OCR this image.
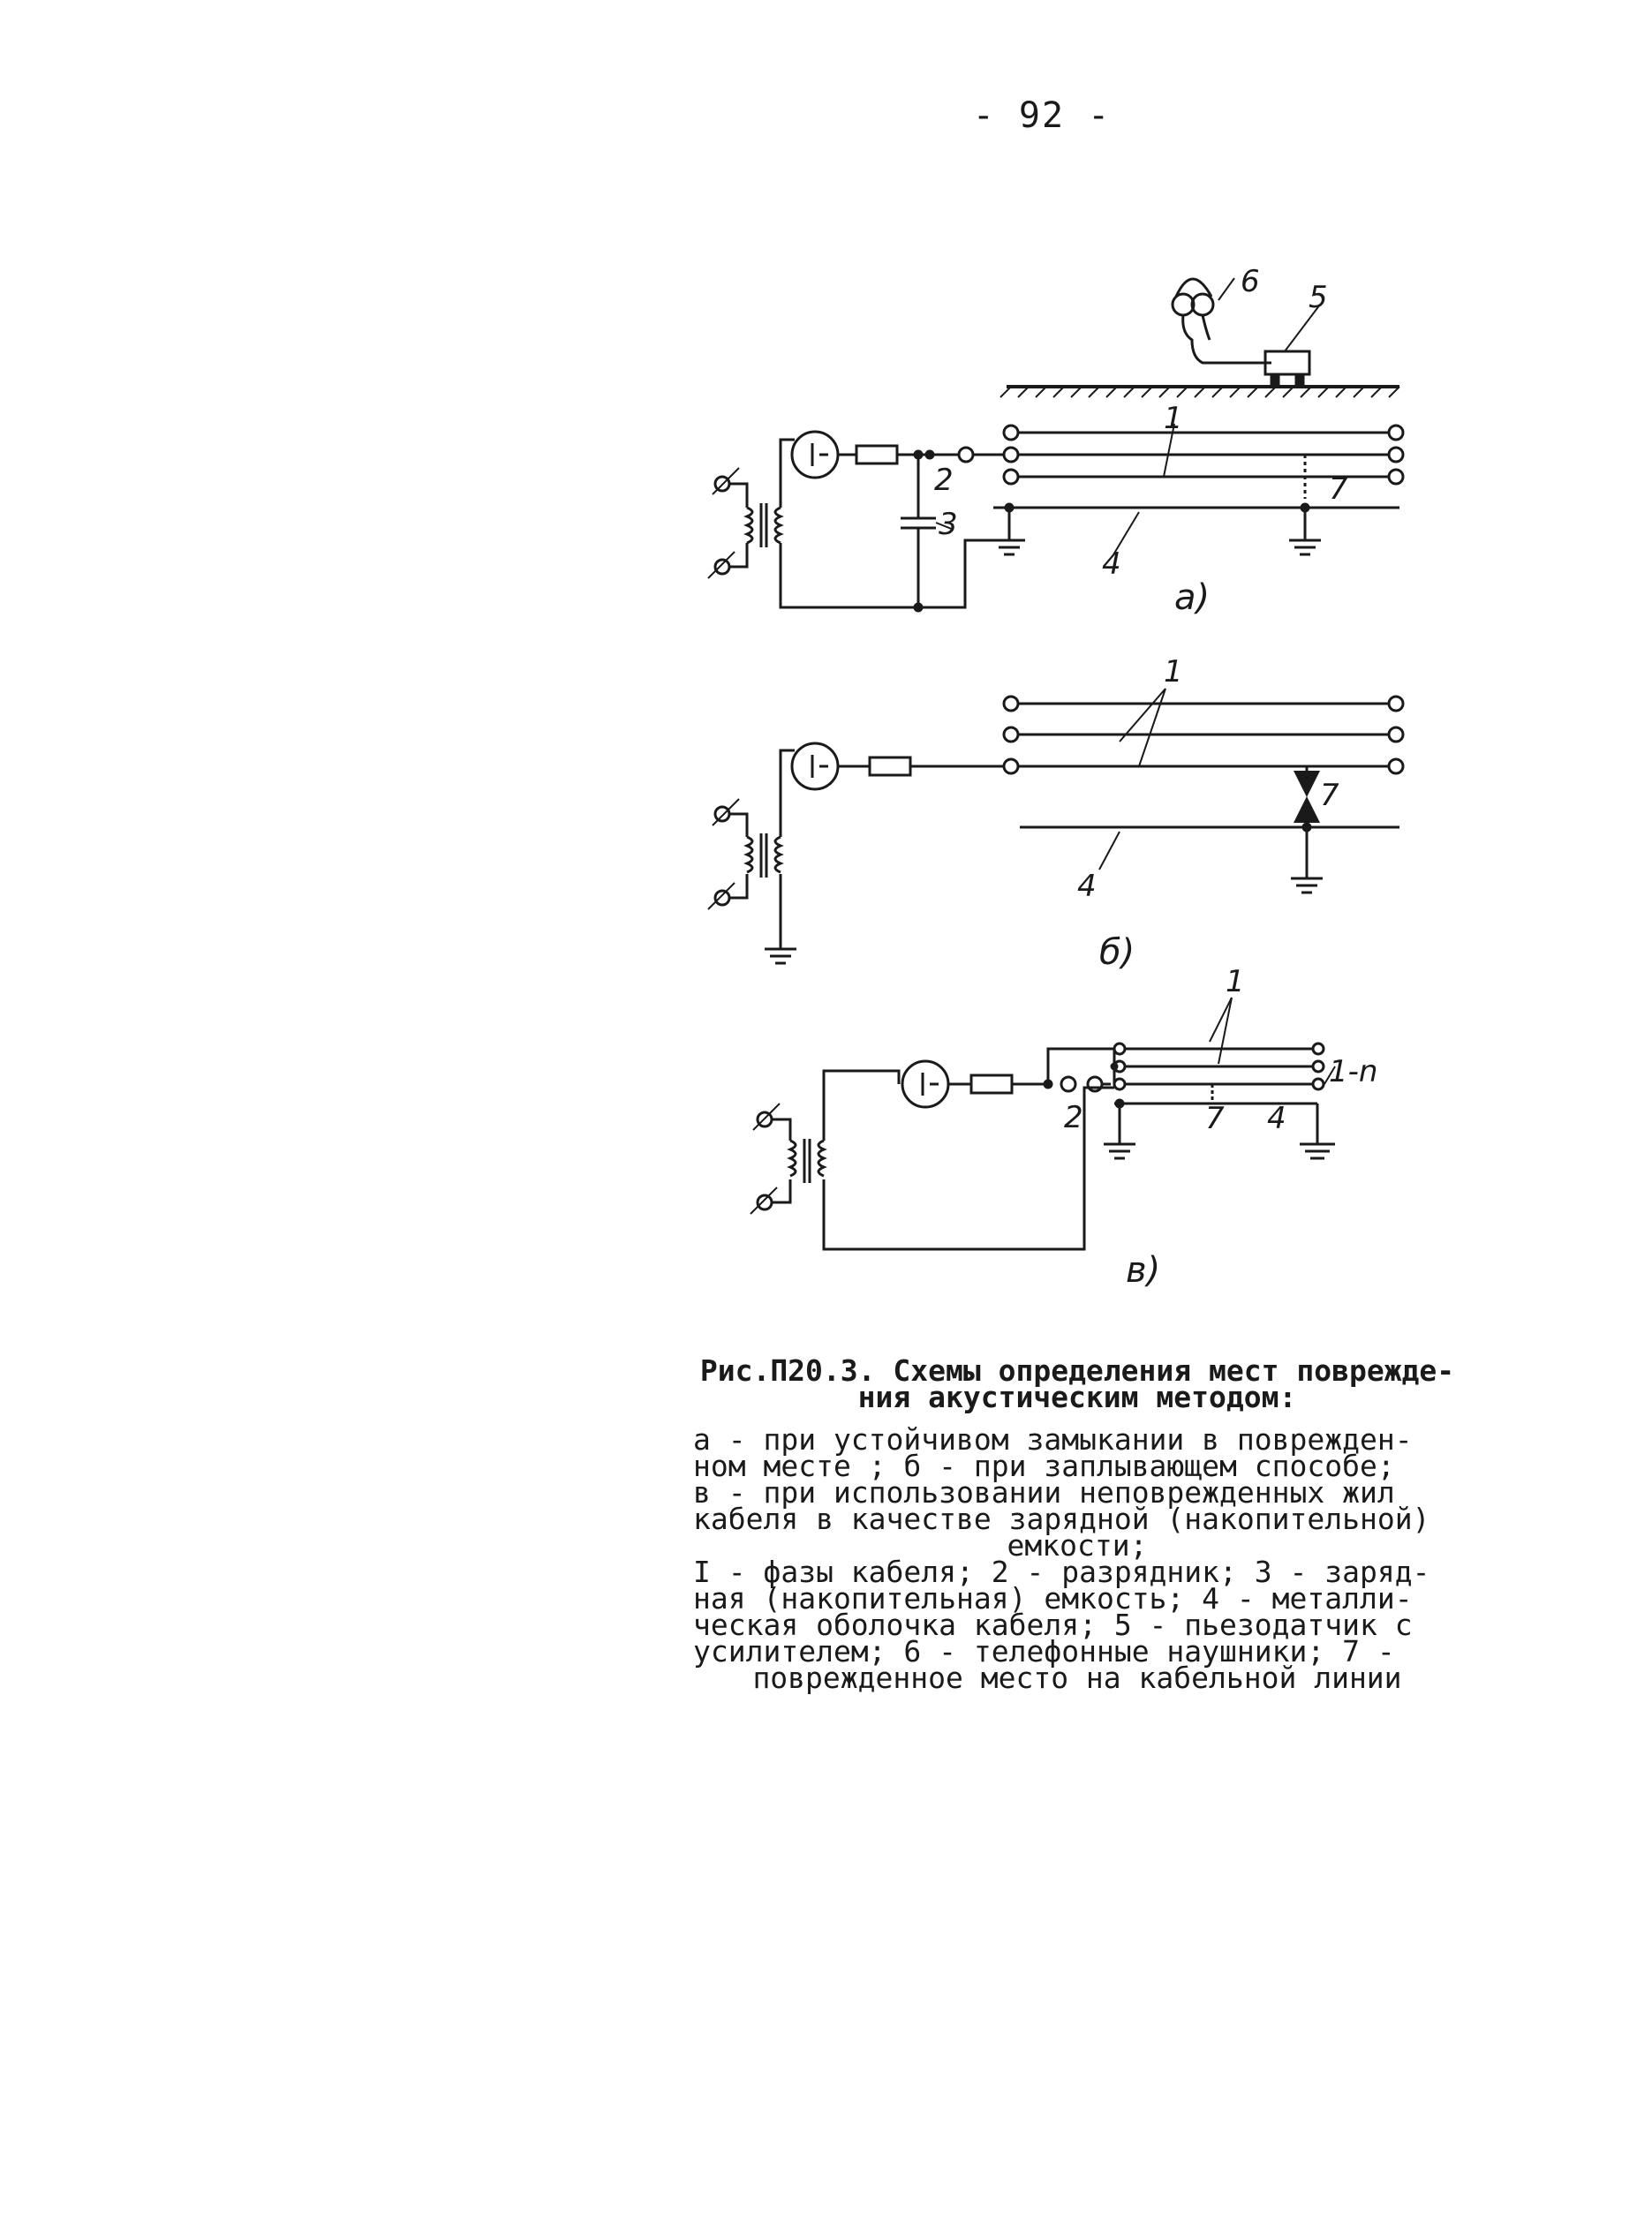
- 92 -
6 5
1
2
3
7
4
а)
1
7
4
б)
1
1-n
2	7 4
в)
Рис.П20.3. Схемы определения мест поврежде-
ния акустическим методом:
а - при устойчивом замыкании в поврежден-
ном месте ; б - при заплывающем способе;
в - при использовании неповрежденных жил
кабеля в качестве зарядной (накопительной)
емкости;
I - фазы кабеля; 2 - разрядник; 3 - заряд-
ная (накопительная) емкость; 4 - металли-
ческая оболочка кабеля; 5 - пьезодатчик с
усилителем; 6 - телефонные наушники; 7 -
поврежденное место на кабельной линии
